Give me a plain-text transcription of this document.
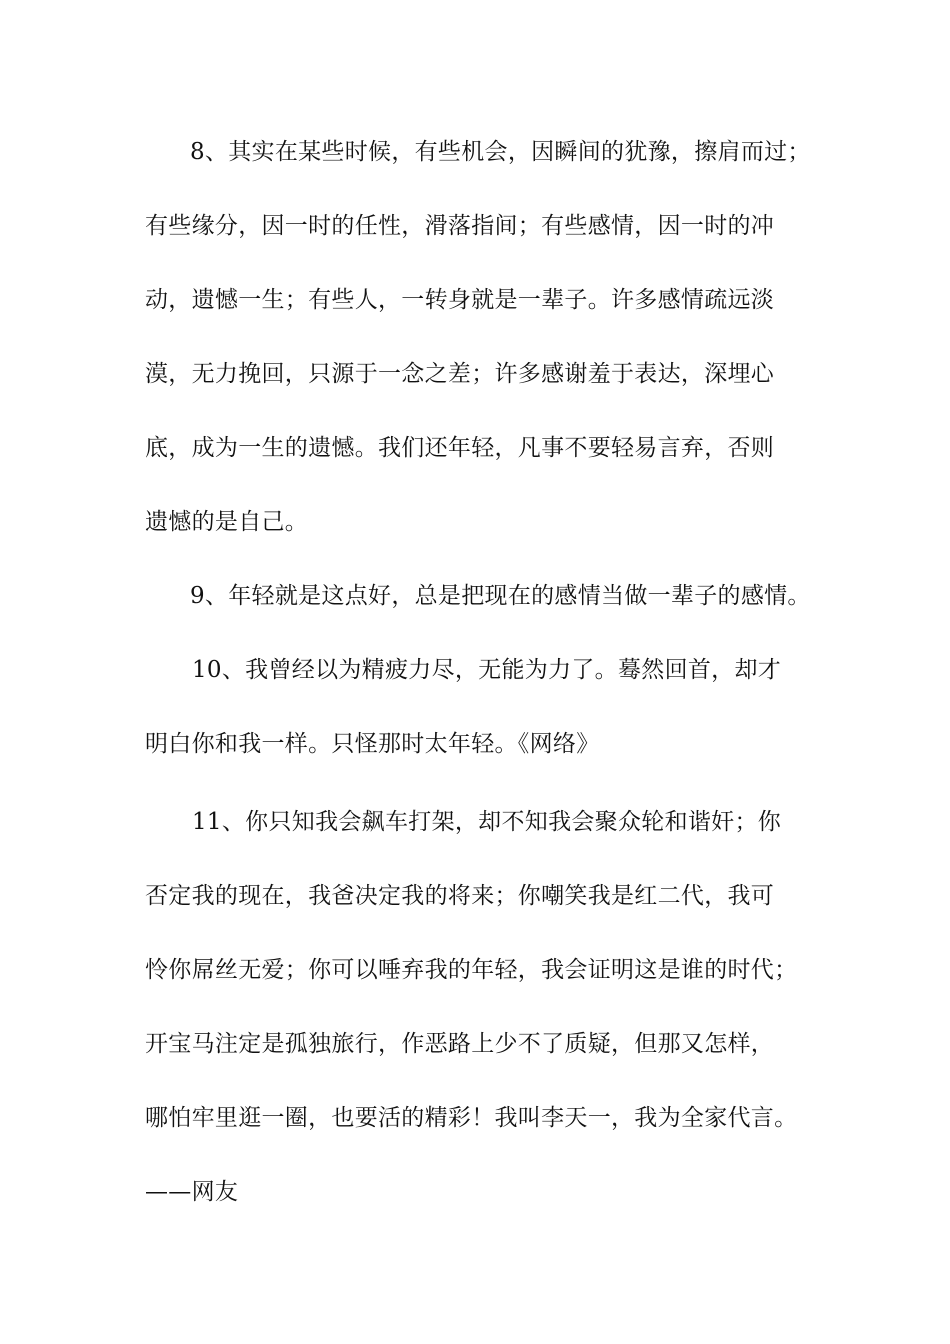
8、其实在某些时候，有些机会，因瞬间的犹豫，擦肩而过；
有些缘分，因一时的任性，滑落指间；有些感情，因一时的冲
动，遗憾一生；有些人，一转身就是一辈子。许多感情疏远淡
漠，无力挽回，只源于一念之差；许多感谢羞于表达，深埋心
底，成为一生的遗憾。我们还年轻，凡事不要轻易言弃，否则
遗憾的是自己。
9、年轻就是这点好，总是把现在的感情当做一辈子的感情。
10、我曾经以为精疲力尽，无能为力了。蓦然回首，却才
明白你和我一样。只怪那时太年轻。《网络》
11、你只知我会飙车打架，却不知我会聚众轮和谐奸；你
否定我的现在，我爸决定我的将来；你嘲笑我是红二代，我可
怜你屌丝无爱；你可以唾弃我的年轻，我会证明这是谁的时代；
开宝马注定是孤独旅行，作恶路上少不了质疑，但那又怎样，
哪怕牢里逛一圈，也要活的精彩！我叫李天一，我为全家代言。
——网友
